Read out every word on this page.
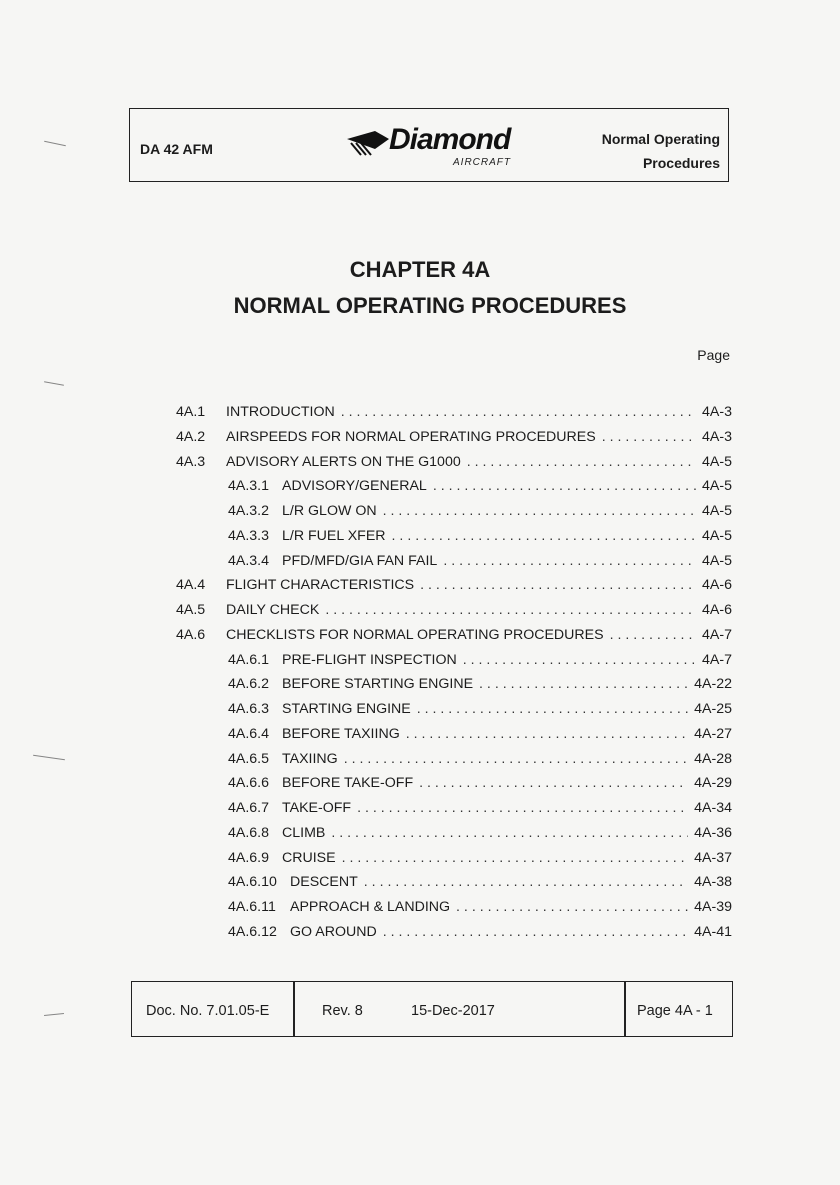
DA 42 AFM	Diamond
AIRCRAFT
Normal Operating
Procedures
CHAPTER 4A
NORMAL OPERATING PROCEDURES
Page
4A.1	INTRODUCTION . . .	4A-3
4A.2	AIRSPEEDS FOR NORMAL OPERATING PROCEDURES . . .	4A-3
4A.3	ADVISORY ALERTS ON THE G1000 . . .	4A-5
4A.3.1 ADVISORY/GENERAL . . .	4A-5
4A.3.2 L/R GLOW ON . . .	4A-5
4A.3.3 L/R FUEL XFER . . .	4A-5
4A.3.4 PFD/MFD/GIA FAN FAIL . . .	4A-5
4A.4	FLIGHT CHARACTERISTICS . . .	4A-6
4A.5	DAILY CHECK . . .	4A-6
4A.6	CHECKLISTS FOR NORMAL OPERATING PROCEDURES . . .	4A-7
4A.6.1 PRE-FLIGHT INSPECTION . . .	4A-7
4A.6.2 BEFORE STARTING ENGINE . . .	4A-22
4A.6.3 STARTING ENGINE . . .	4A-25
4A.6.4 BEFORE TAXIING . . .	4A-27
4A.6.5 TAXIING . . .	4A-28
4A.6.6 BEFORE TAKE-OFF . . .	4A-29
4A.6.7 TAKE-OFF . . .	4A-34
4A.6.8 CLIMB . . .	4A-36
4A.6.9 CRUISE . . .	4A-37
4A.6.10 DESCENT . . .	4A-38
4A.6.11 APPROACH & LANDING . . .	4A-39
4A.6.12 GO AROUND . . .	4A-41
Doc. No. 7.01.05-E	Rev. 8	15-Dec-2017	Page 4A - 1
